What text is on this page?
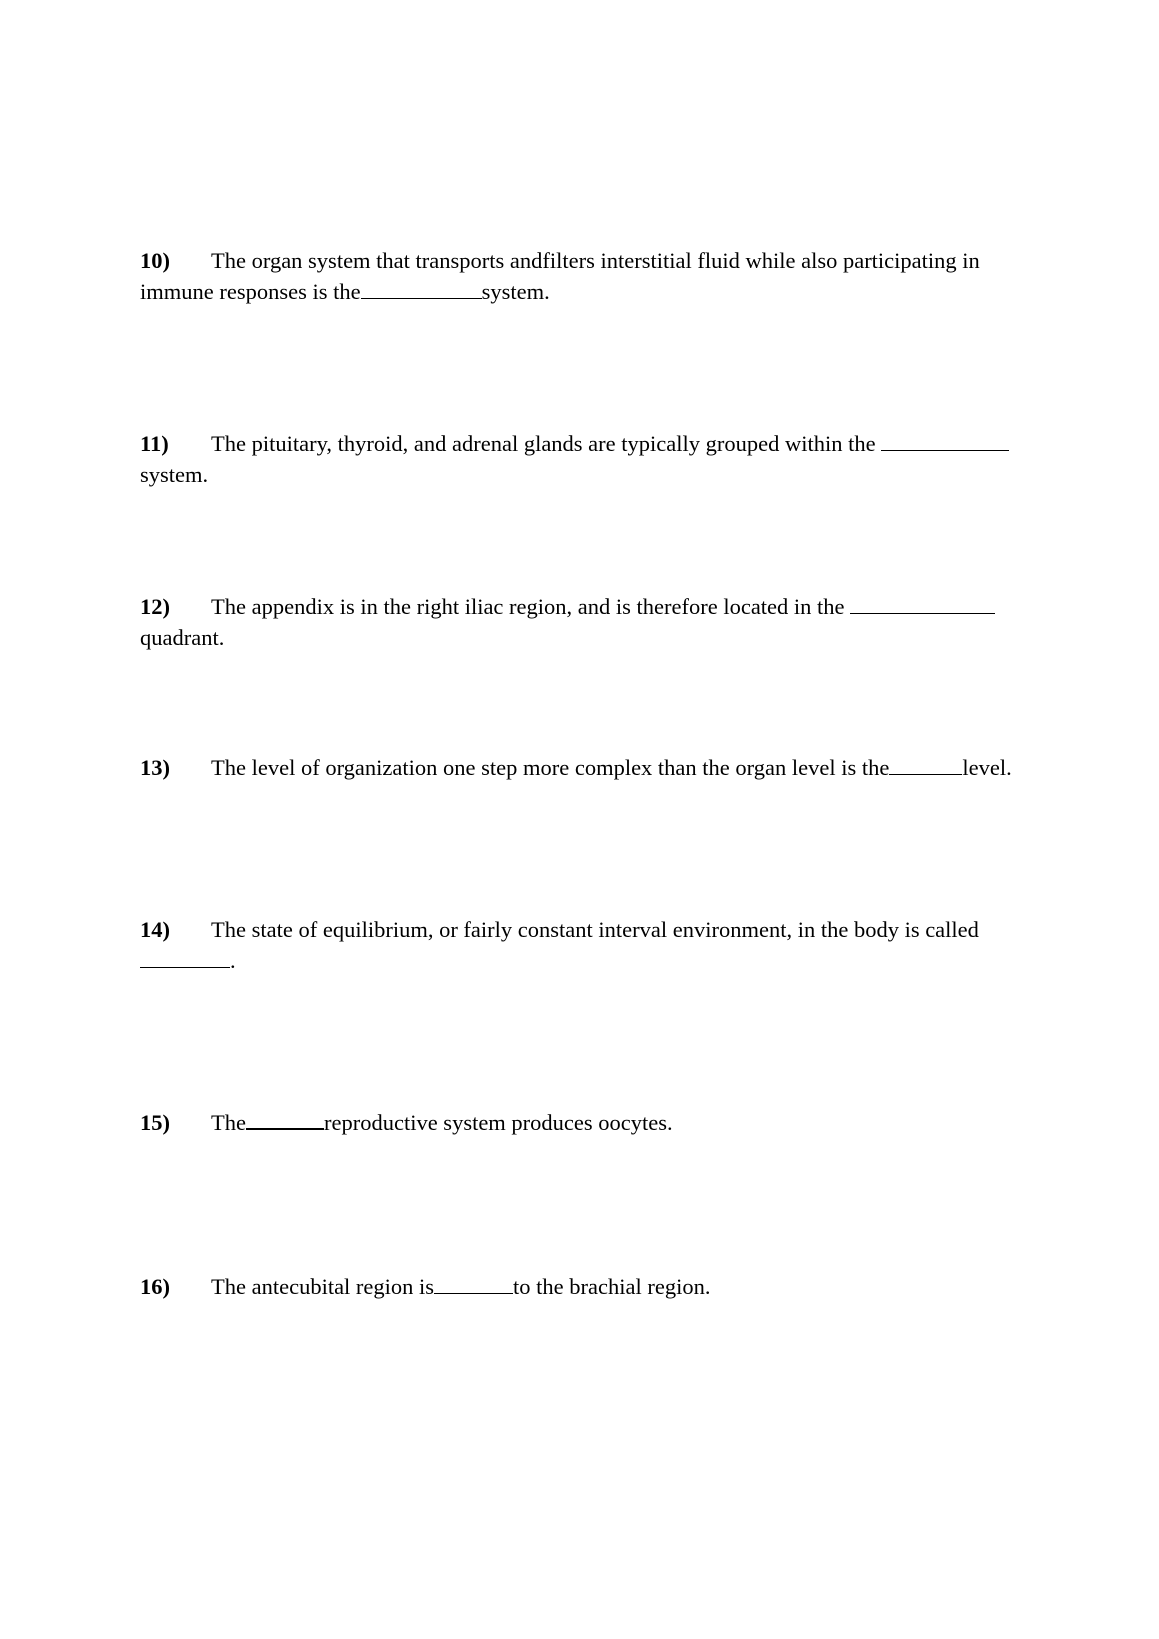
10) The organ system that transports andfilters interstitial fluid while also participating in immune responses is the	system.
11) The pituitary, thyroid, and adrenal glands are typically grouped within the
system.
12) The appendix is in the right iliac region, and is therefore located in the
quadrant.
13) The level of organization one step more complex than the organ level is the	level.
14) The state of equilibrium, or fairly constant interval environment, in the body is called
.
15) The	reproductive system produces oocytes.
16) The antecubital region is	to the brachial region.
